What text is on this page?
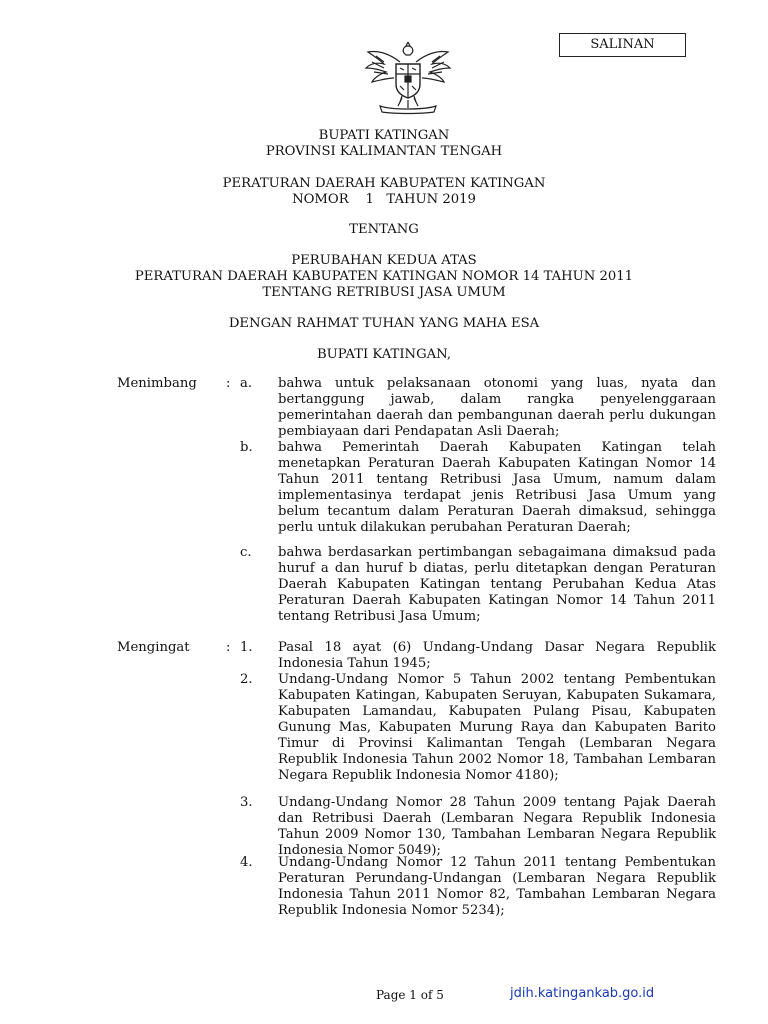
SALINAN

BUPATI KATINGAN

PROVINSI KALIMANTAN TENGAH

PERATURAN DAERAH KABUPATEN KATINGAN

NOMOR    1   TAHUN 2019

TENTANG

PERUBAHAN KEDUA ATAS

PERATURAN DAERAH KABUPATEN KATINGAN NOMOR 14 TAHUN 2011

TENTANG RETRIBUSI JASA UMUM

DENGAN RAHMAT TUHAN YANG MAHA ESA

BUPATI KATINGAN,

Menimbang : a. bahwa untuk pelaksanaan otonomi yang luas, nyata dan bertanggung jawab, dalam rangka penyelenggaraan pemerintahan daerah dan pembangunan daerah perlu dukungan pembiayaan dari Pendapatan Asli Daerah;
b. bahwa Pemerintah Daerah Kabupaten Katingan telah menetapkan Peraturan Daerah Kabupaten Katingan Nomor 14 Tahun 2011 tentang Retribusi Jasa Umum, namum dalam implementasinya terdapat jenis Retribusi Jasa Umum yang belum tecantum dalam Peraturan Daerah dimaksud, sehingga perlu untuk dilakukan perubahan Peraturan Daerah;
c. bahwa berdasarkan pertimbangan sebagaimana dimaksud pada huruf a dan huruf b diatas, perlu ditetapkan dengan Peraturan Daerah Kabupaten Katingan tentang Perubahan Kedua Atas Peraturan Daerah Kabupaten Katingan Nomor 14 Tahun 2011 tentang Retribusi Jasa Umum;
Mengingat	: 1. Pasal 18 ayat (6) Undang-Undang Dasar Negara Republik Indonesia Tahun 1945;
2. Undang-Undang Nomor 5 Tahun 2002 tentang Pembentukan Kabupaten Katingan, Kabupaten Seruyan, Kabupaten Sukamara, Kabupaten Lamandau, Kabupaten Pulang Pisau, Kabupaten Gunung Mas, Kabupaten Murung Raya dan Kabupaten Barito Timur di Provinsi Kalimantan Tengah (Lembaran Negara Republik Indonesia Tahun 2002 Nomor 18, Tambahan Lembaran Negara Republik Indonesia Nomor 4180);
3. Undang-Undang Nomor 28 Tahun 2009 tentang Pajak Daerah dan Retribusi Daerah (Lembaran Negara Republik Indonesia Tahun 2009 Nomor 130, Tambahan Lembaran Negara Republik Indonesia Nomor 5049);
4. Undang-Undang Nomor 12 Tahun 2011 tentang Pembentukan Peraturan Perundang-Undangan (Lembaran Negara Republik Indonesia Tahun 2011 Nomor 82, Tambahan Lembaran Negara Republik Indonesia Nomor 5234);
Page 1 of 5	jdih.katingankab.go.id
